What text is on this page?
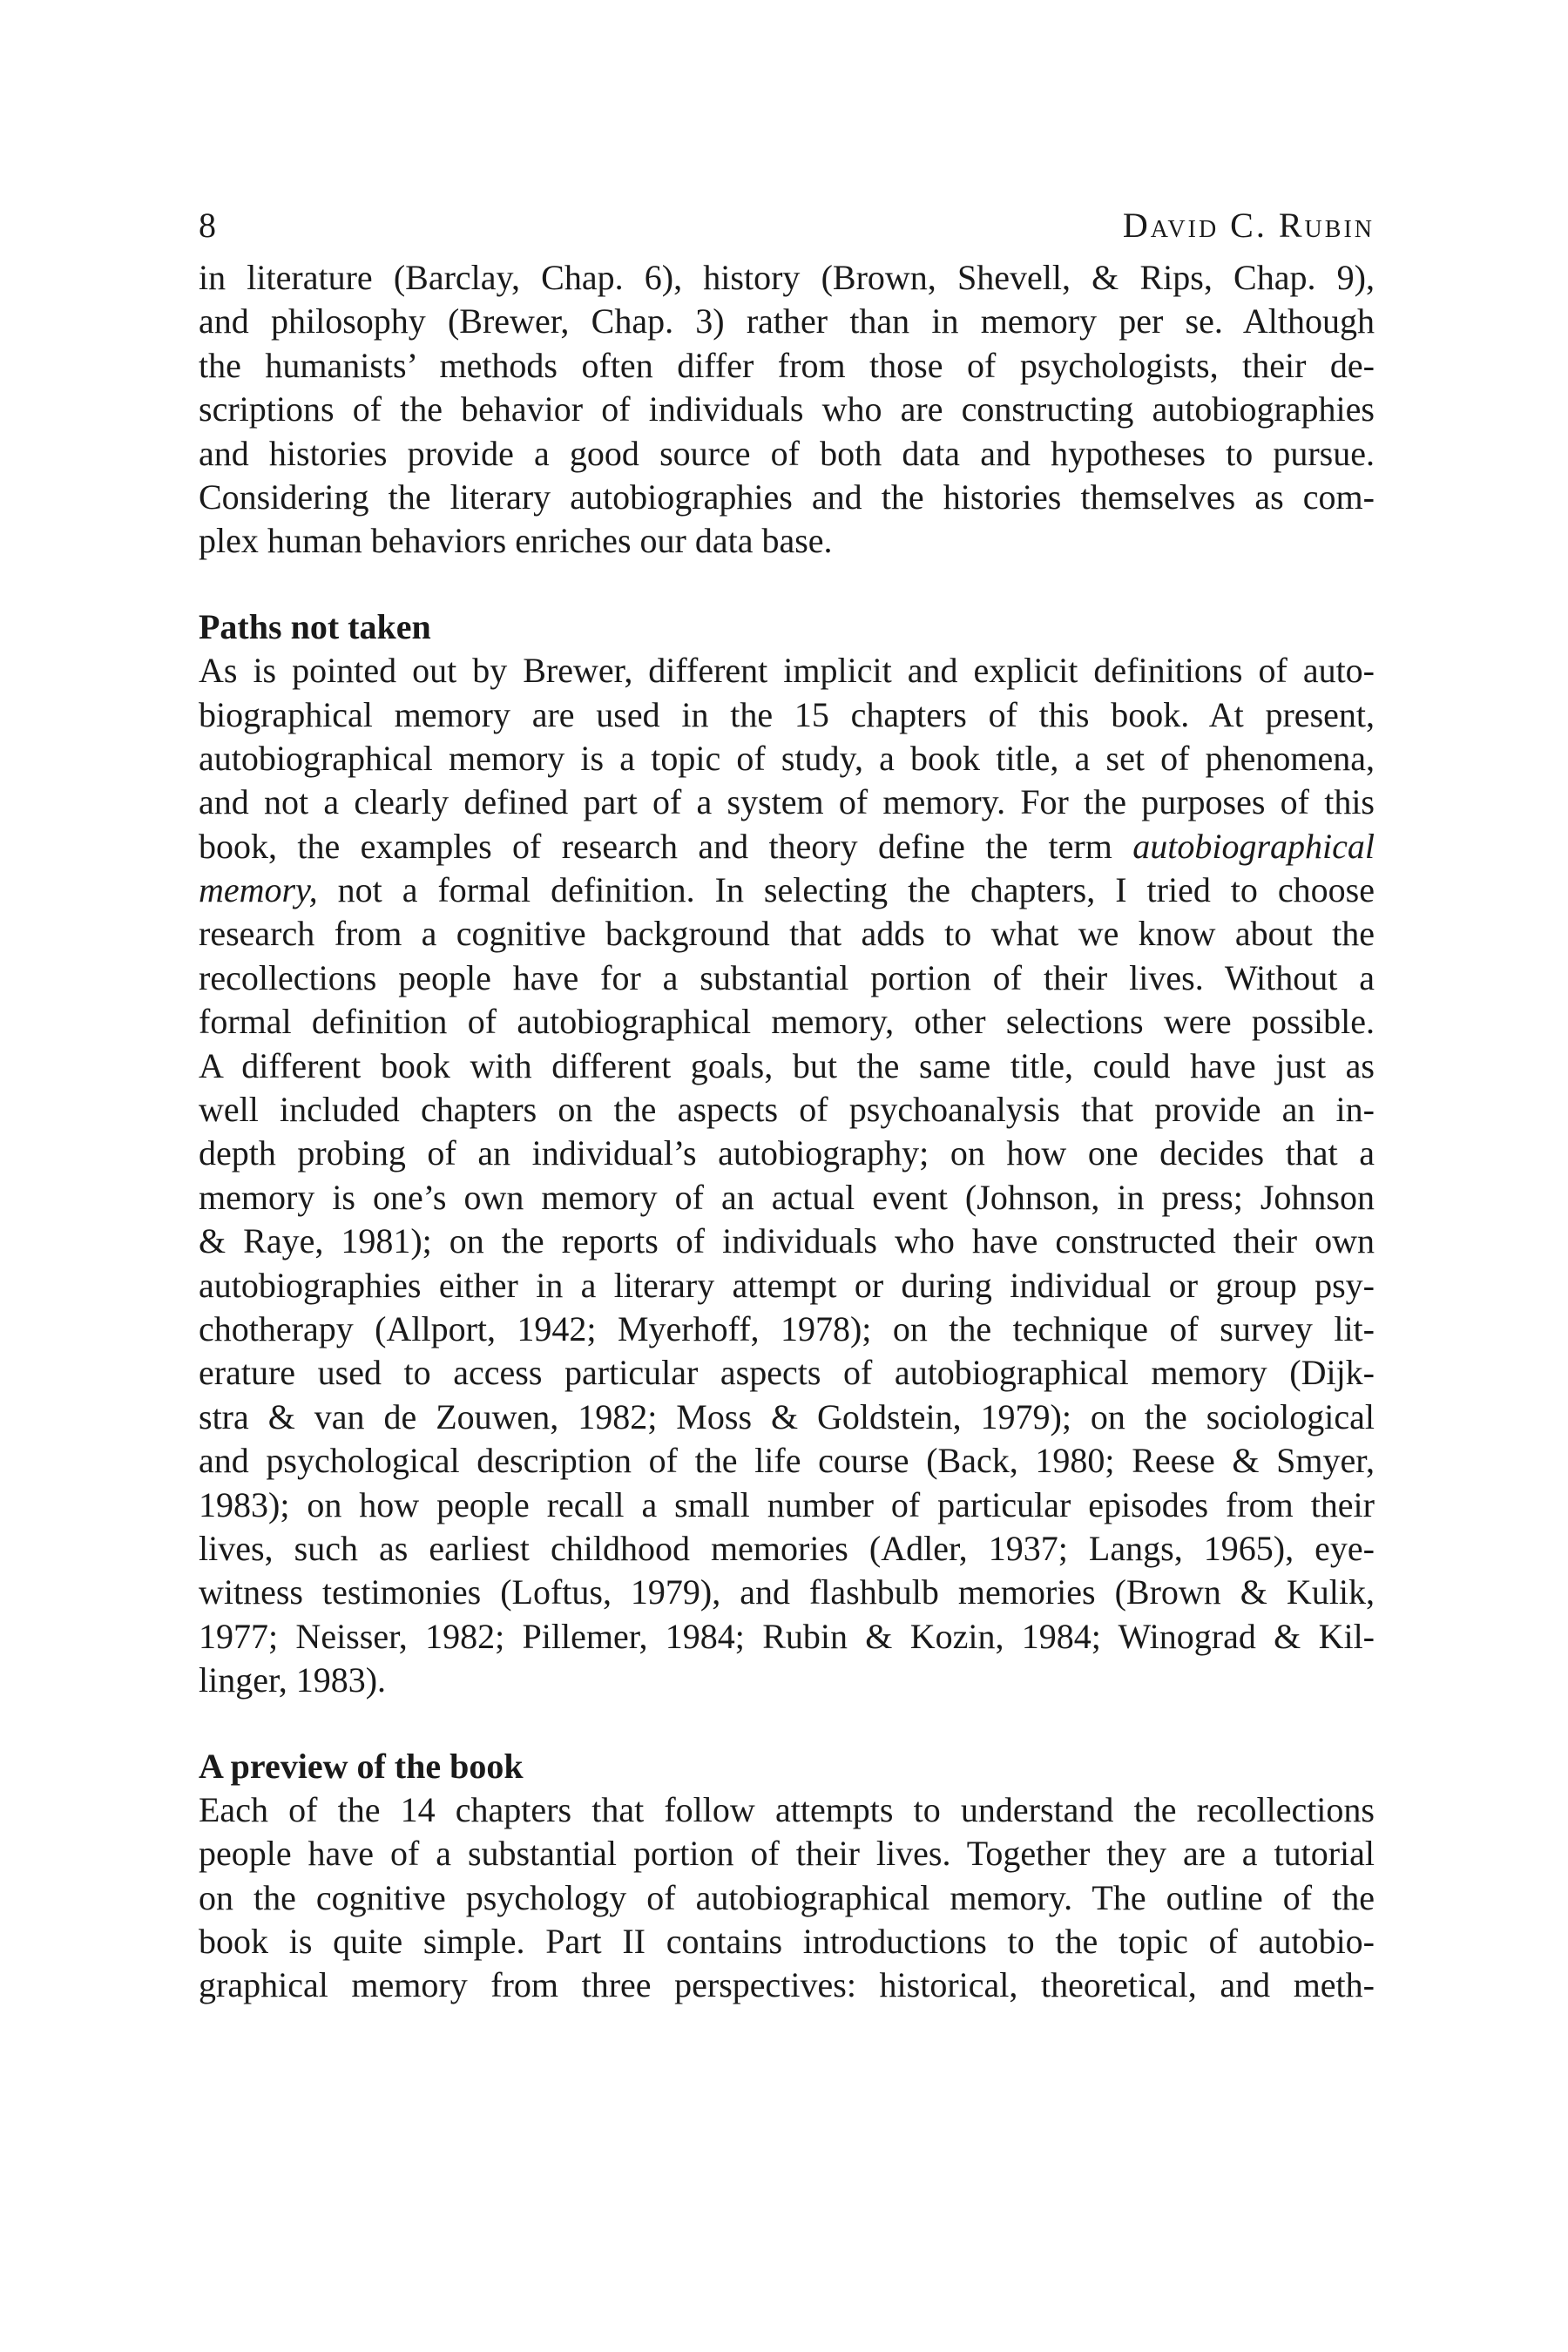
8	David C. Rubin
in literature (Barclay, Chap. 6), history (Brown, Shevell, & Rips, Chap. 9),
and philosophy (Brewer, Chap. 3) rather than in memory per se. Although
the humanists’ methods often differ from those of psychologists, their de-
scriptions of the behavior of individuals who are constructing autobiographies
and histories provide a good source of both data and hypotheses to pursue.
Considering the literary autobiographies and the histories themselves as com-
plex human behaviors enriches our data base.
Paths not taken
As is pointed out by Brewer, different implicit and explicit definitions of auto-
biographical memory are used in the 15 chapters of this book. At present,
autobiographical memory is a topic of study, a book title, a set of phenomena,
and not a clearly defined part of a system of memory. For the purposes of this
book, the examples of research and theory define the term autobiographical
memory, not a formal definition. In selecting the chapters, I tried to choose
research from a cognitive background that adds to what we know about the
recollections people have for a substantial portion of their lives. Without a
formal definition of autobiographical memory, other selections were possible.
A different book with different goals, but the same title, could have just as
well included chapters on the aspects of psychoanalysis that provide an in-
depth probing of an individual’s autobiography; on how one decides that a
memory is one’s own memory of an actual event (Johnson, in press; Johnson
& Raye, 1981); on the reports of individuals who have constructed their own
autobiographies either in a literary attempt or during individual or group psy-
chotherapy (Allport, 1942; Myerhoff, 1978); on the technique of survey lit-
erature used to access particular aspects of autobiographical memory (Dijk-
stra & van de Zouwen, 1982; Moss & Goldstein, 1979); on the sociological
and psychological description of the life course (Back, 1980; Reese & Smyer,
1983); on how people recall a small number of particular episodes from their
lives, such as earliest childhood memories (Adler, 1937; Langs, 1965), eye-
witness testimonies (Loftus, 1979), and flashbulb memories (Brown & Kulik,
1977; Neisser, 1982; Pillemer, 1984; Rubin & Kozin, 1984; Winograd & Kil-
linger, 1983).
A preview of the book
Each of the 14 chapters that follow attempts to understand the recollections
people have of a substantial portion of their lives. Together they are a tutorial
on the cognitive psychology of autobiographical memory. The outline of the
book is quite simple. Part II contains introductions to the topic of autobio-
graphical memory from three perspectives: historical, theoretical, and meth-
